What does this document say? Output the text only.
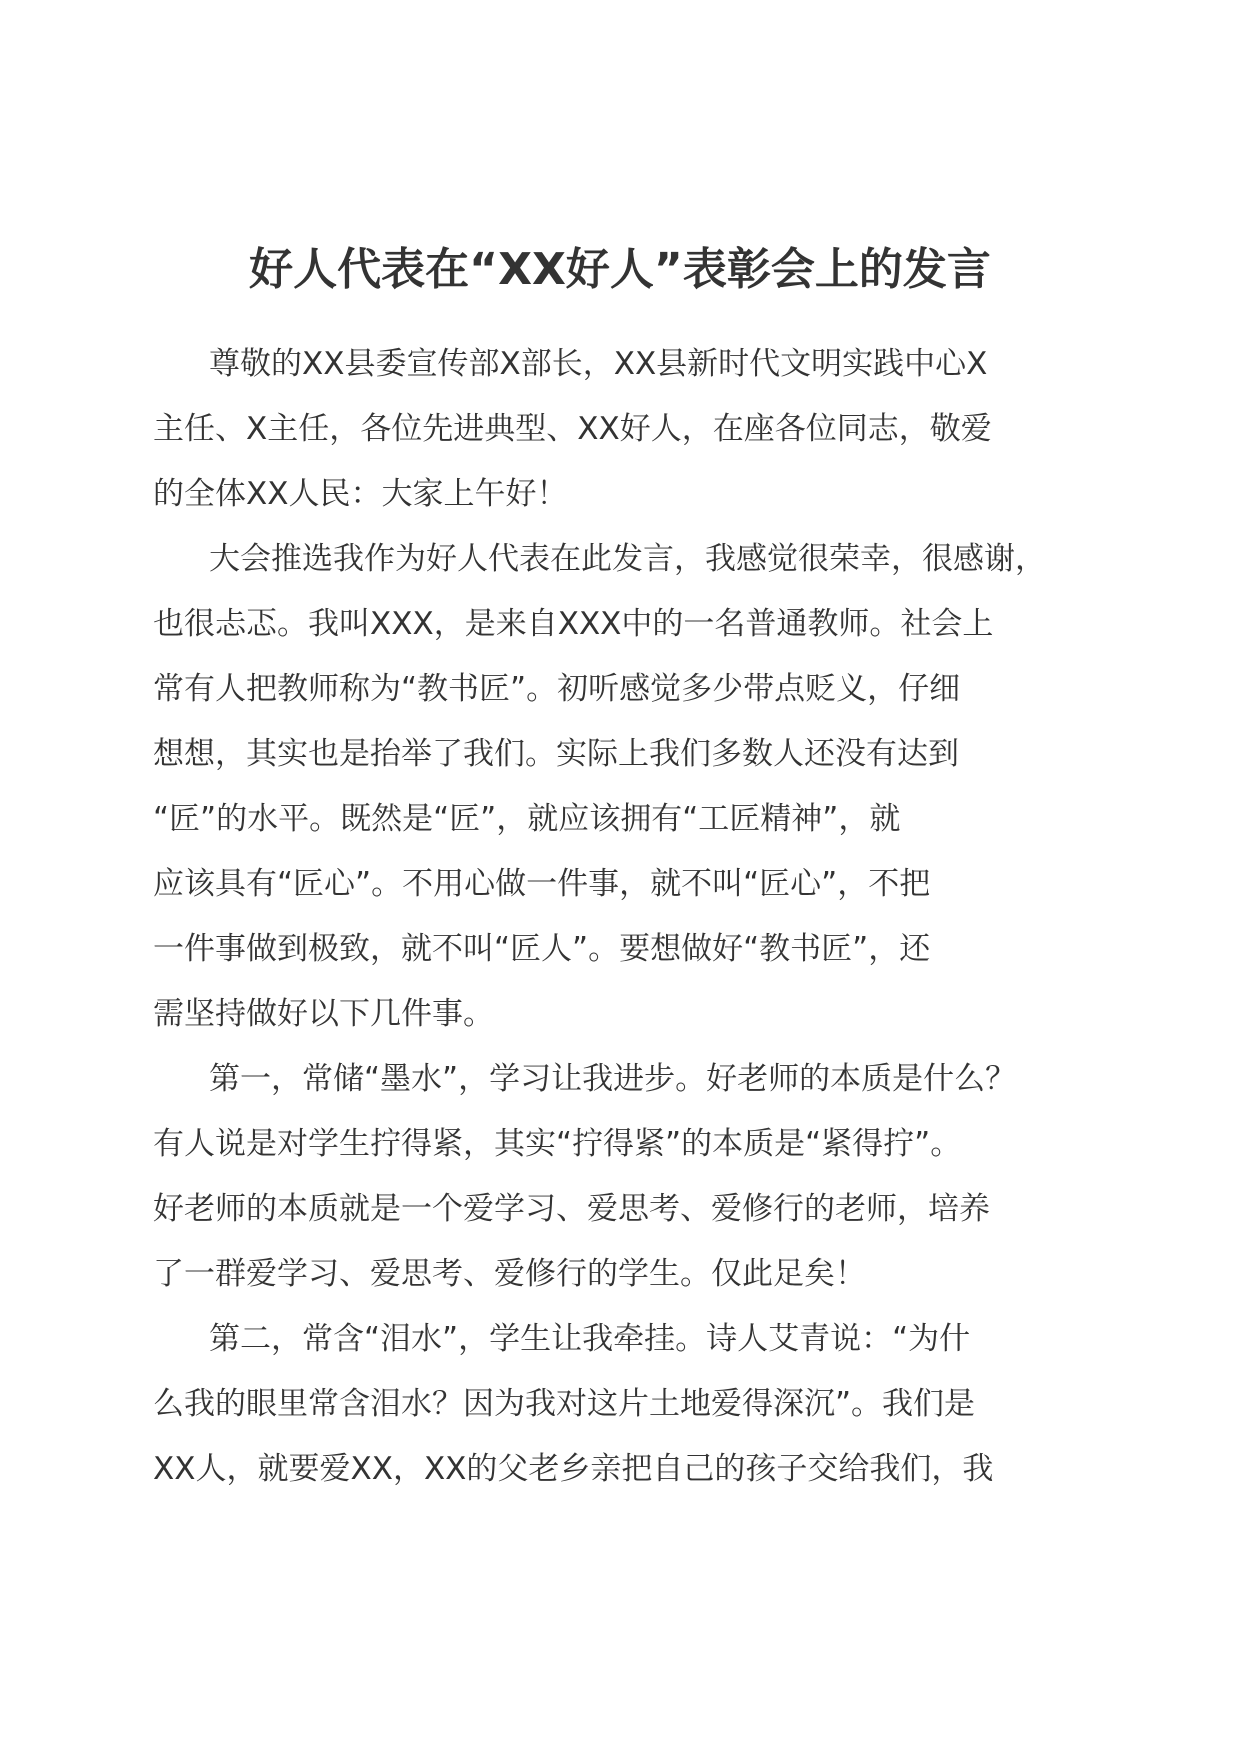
好人代表在“XX好人”表彰会上的发言

尊敬的XX县委宣传部X部长，XX县新时代文明实践中心X

主任、X主任，各位先进典型、XX好人，在座各位同志，敬爱

的全体XX人民：大家上午好！

大会推选我作为好人代表在此发言，我感觉很荣幸，很感谢，

也很忐忑。我叫XXX，是来自XXX中的一名普通教师。社会上

常有人把教师称为“教书匠”。初听感觉多少带点贬义，仔细

想想，其实也是抬举了我们。实际上我们多数人还没有达到

“匠”的水平。既然是“匠”，就应该拥有“工匠精神”，就

应该具有“匠心”。不用心做一件事，就不叫“匠心”，不把

一件事做到极致，就不叫“匠人”。要想做好“教书匠”，还

需坚持做好以下几件事。

第一，常储“墨水”，学习让我进步。好老师的本质是什么？

有人说是对学生拧得紧，其实“拧得紧”的本质是“紧得拧”。

好老师的本质就是一个爱学习、爱思考、爱修行的老师，培养

了一群爱学习、爱思考、爱修行的学生。仅此足矣！

第二，常含“泪水”，学生让我牵挂。诗人艾青说：“为什

么我的眼里常含泪水？因为我对这片土地爱得深沉”。我们是

XX人，就要爱XX，XX的父老乡亲把自己的孩子交给我们，我
